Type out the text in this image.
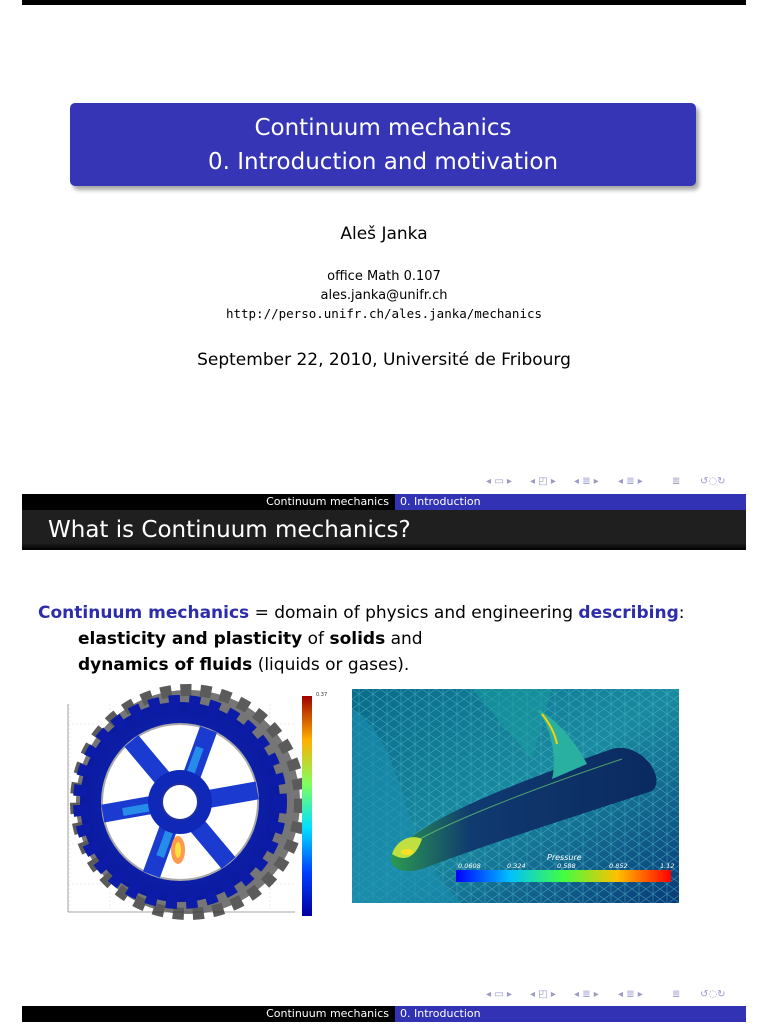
Continuum mechanics
0. Introduction and motivation
Aleš Janka
office Math 0.107
ales.janka@unifr.ch
http://perso.unifr.ch/ales.janka/mechanics
September 22, 2010, Université de Fribourg
◂ ▭ ▸ ◂ ◰ ▸ ◂ ≣ ▸ ◂ ≣ ▸	≣ ↺◌↻
Continuum mechanics	0. Introduction
What is Continuum mechanics?
Continuum mechanics = domain of physics and engineering describing:
elasticity and plasticity of solids and
dynamics of fluids (liquids or gases).
0.37
Pressure
0.0608	0.324	0.588	0.852	1.12
◂ ▭ ▸ ◂ ◰ ▸ ◂ ≣ ▸ ◂ ≣ ▸	≣ ↺◌↻
Continuum mechanics	0. Introduction
